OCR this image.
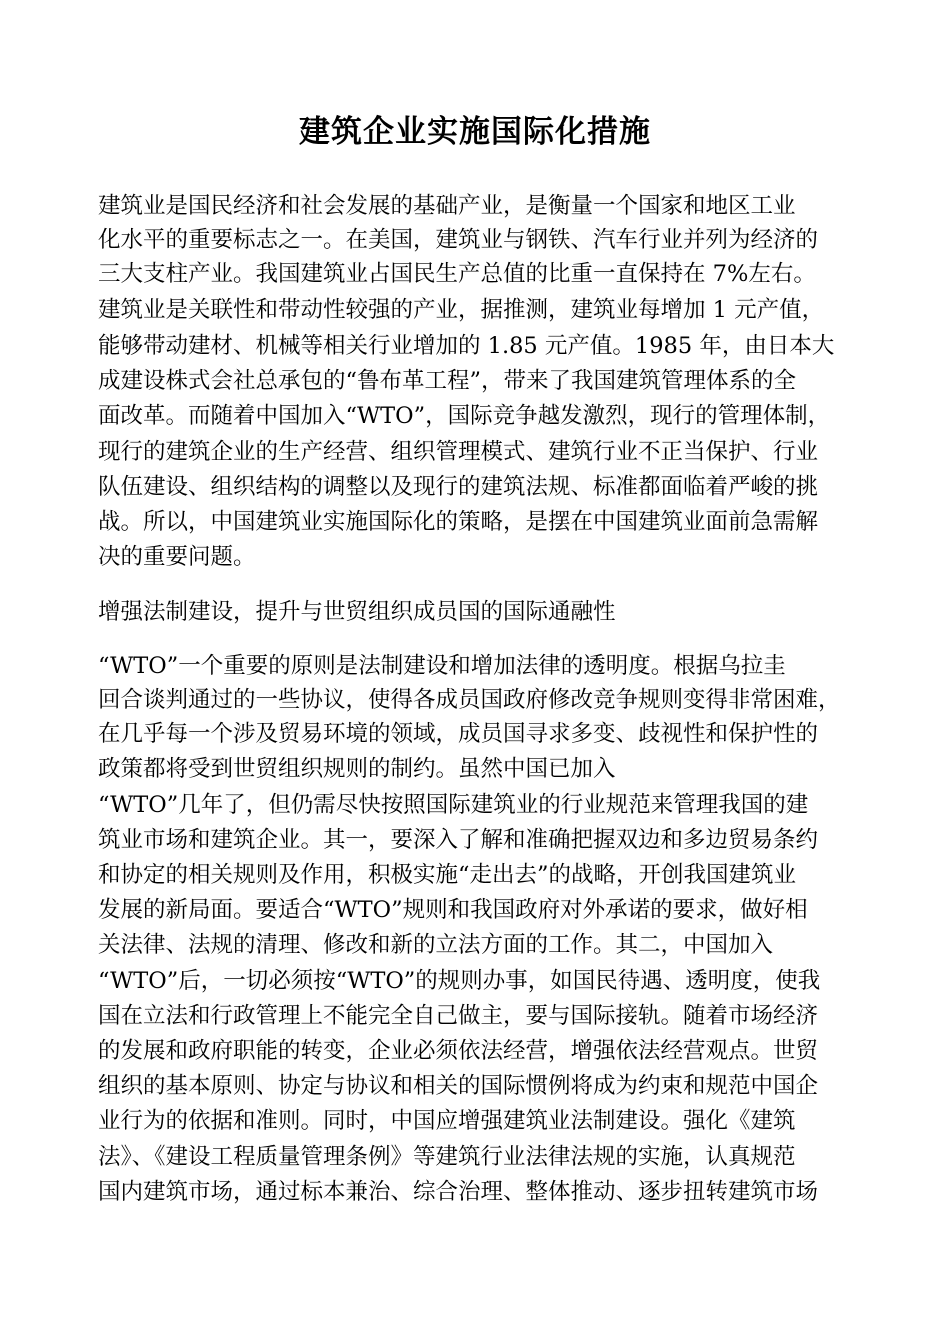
建筑企业实施国际化措施

建筑业是国民经济和社会发展的基础产业，是衡量一个国家和地区工业

化水平的重要标志之一。在美国，建筑业与钢铁、汽车行业并列为经济的

三大支柱产业。我国建筑业占国民生产总值的比重一直保持在 7%左右。

建筑业是关联性和带动性较强的产业，据推测，建筑业每增加 1 元产值，

能够带动建材、机械等相关行业增加的 1.85 元产值。1985 年，由日本大

成建设株式会社总承包的“鲁布革工程”，带来了我国建筑管理体系的全

面改革。而随着中国加入“WTO”，国际竞争越发激烈，现行的管理体制，

现行的建筑企业的生产经营、组织管理模式、建筑行业不正当保护、行业

队伍建设、组织结构的调整以及现行的建筑法规、标准都面临着严峻的挑

战。所以，中国建筑业实施国际化的策略，是摆在中国建筑业面前急需解

决的重要问题。

增强法制建设，提升与世贸组织成员国的国际通融性

“WTO”一个重要的原则是法制建设和增加法律的透明度。根据乌拉圭

回合谈判通过的一些协议，使得各成员国政府修改竞争规则变得非常困难，

在几乎每一个涉及贸易环境的领域，成员国寻求多变、歧视性和保护性的

政策都将受到世贸组织规则的制约。虽然中国已加入

“WTO”几年了，但仍需尽快按照国际建筑业的行业规范来管理我国的建

筑业市场和建筑企业。其一，要深入了解和准确把握双边和多边贸易条约

和协定的相关规则及作用，积极实施“走出去”的战略，开创我国建筑业

发展的新局面。要适合“WTO”规则和我国政府对外承诺的要求，做好相

关法律、法规的清理、修改和新的立法方面的工作。其二，中国加入

“WTO”后，一切必须按“WTO”的规则办事，如国民待遇、透明度，使我

国在立法和行政管理上不能完全自己做主，要与国际接轨。随着市场经济

的发展和政府职能的转变，企业必须依法经营，增强依法经营观点。世贸

组织的基本原则、协定与协议和相关的国际惯例将成为约束和规范中国企

业行为的依据和准则。同时，中国应增强建筑业法制建设。强化《建筑

法》、《建设工程质量管理条例》等建筑行业法律法规的实施，认真规范

国内建筑市场，通过标本兼治、综合治理、整体推动、逐步扭转建筑市场
